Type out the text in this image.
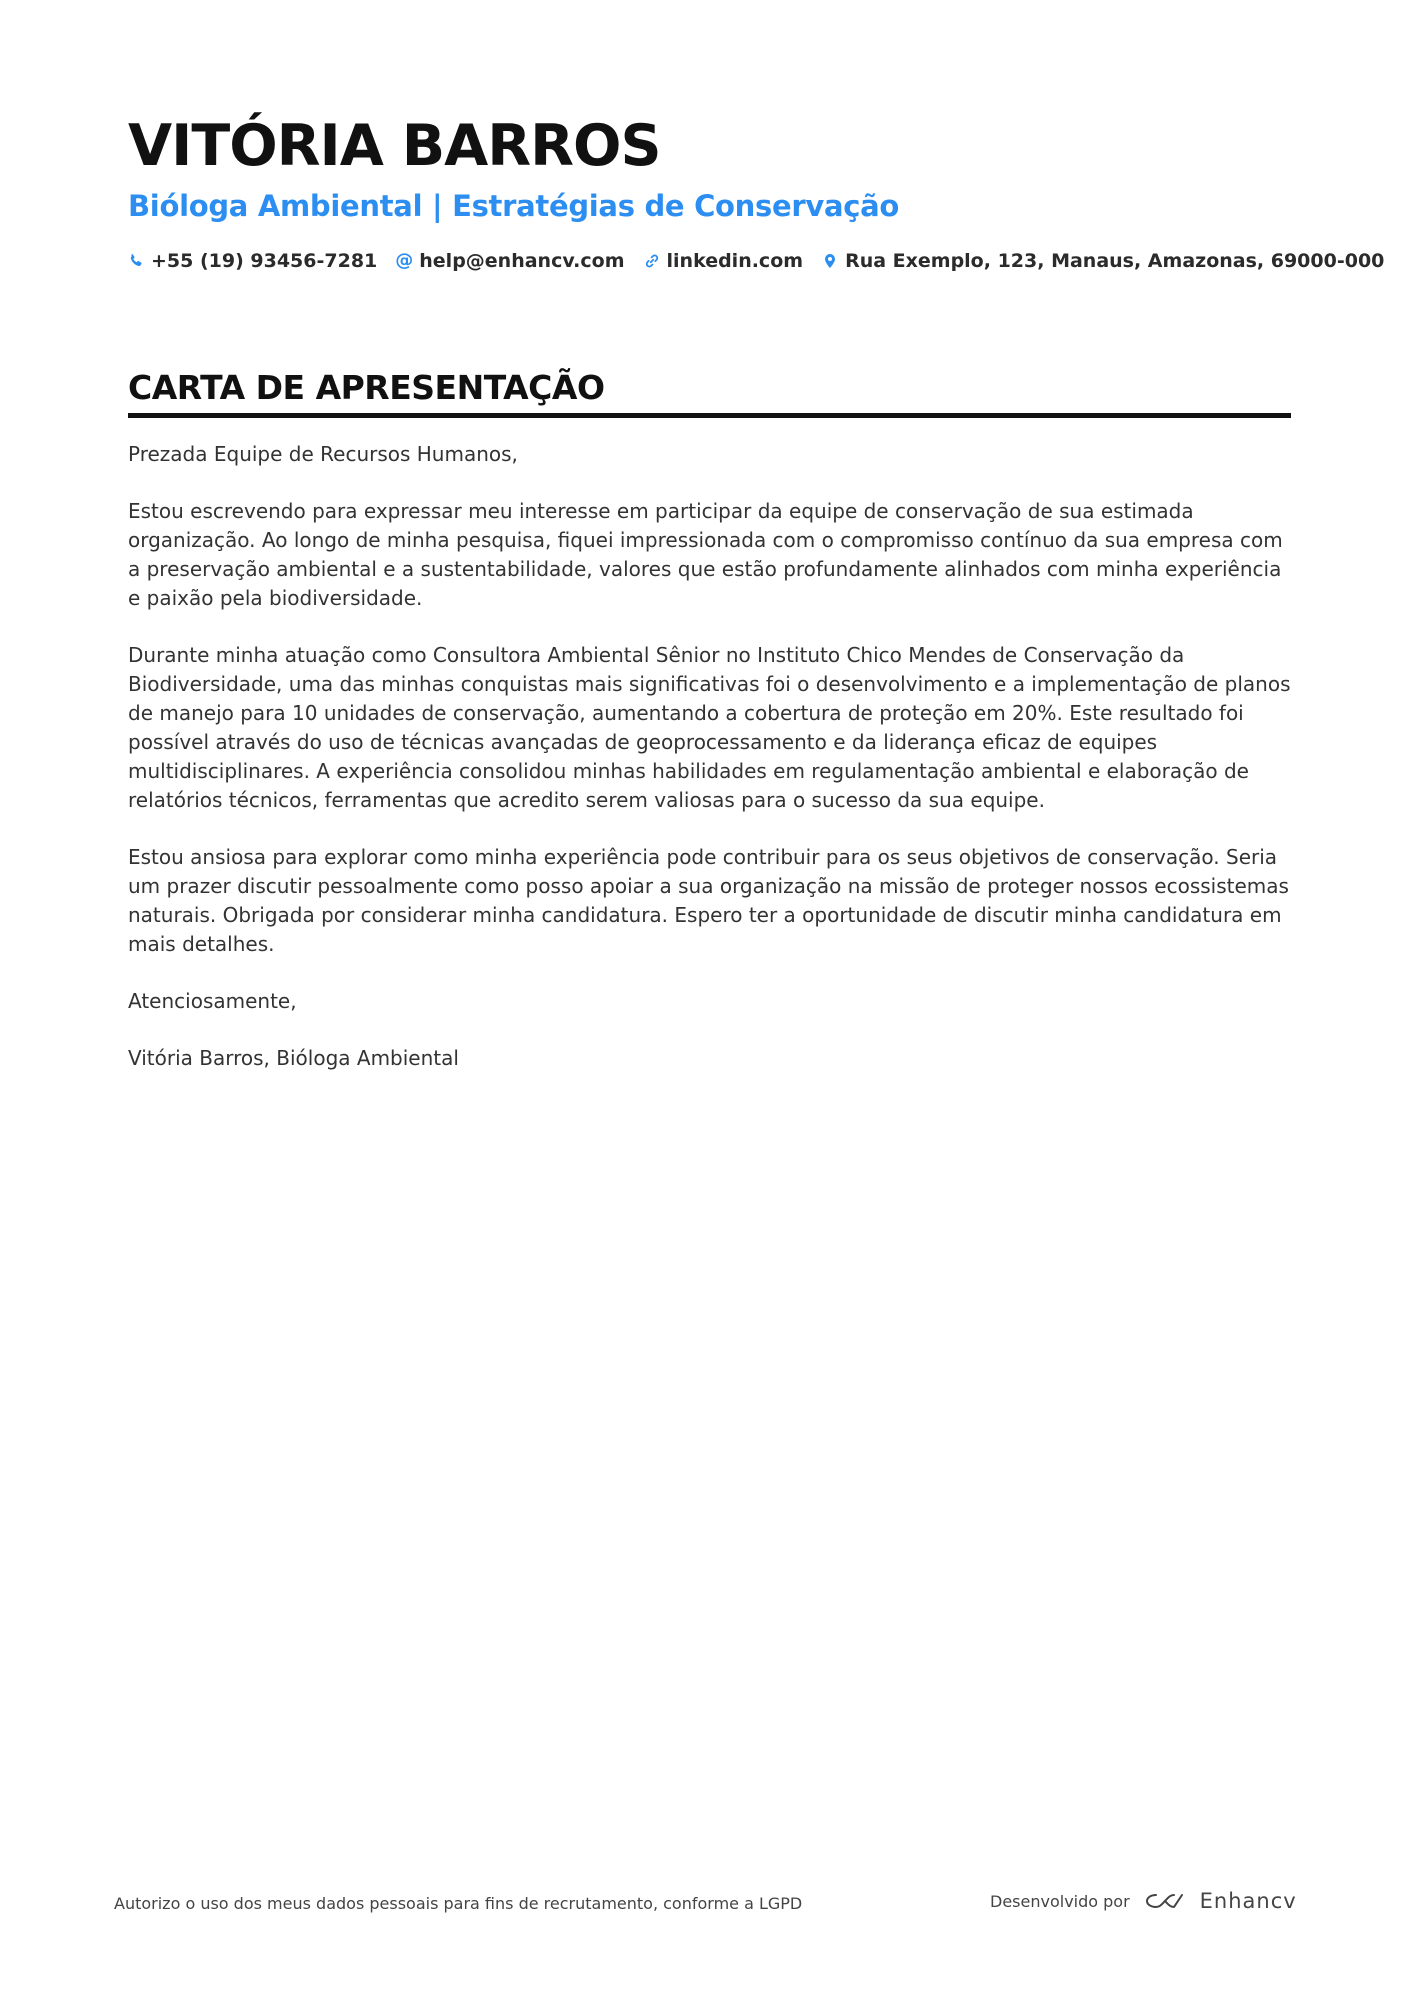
VITÓRIA BARROS
Bióloga Ambiental | Estratégias de Conservação
+55 (19) 93456-7281 @ help@enhancv.com linkedin.com Rua Exemplo, 123, Manaus, Amazonas, 69000-000
CARTA DE APRESENTAÇÃO

Prezada Equipe de Recursos Humanos,

Estou escrevendo para expressar meu interesse em participar da equipe de conservação de sua estimada organização. Ao longo de minha pesquisa, fiquei impressionada com o compromisso contínuo da sua empresa com a preservação ambiental e a sustentabilidade, valores que estão profundamente alinhados com minha experiência e paixão pela biodiversidade.

Durante minha atuação como Consultora Ambiental Sênior no Instituto Chico Mendes de Conservação da Biodiversidade, uma das minhas conquistas mais significativas foi o desenvolvimento e a implementação de planos de manejo para 10 unidades de conservação, aumentando a cobertura de proteção em 20%. Este resultado foi possível através do uso de técnicas avançadas de geoprocessamento e da liderança eficaz de equipes multidisciplinares. A experiência consolidou minhas habilidades em regulamentação ambiental e elaboração de relatórios técnicos, ferramentas que acredito serem valiosas para o sucesso da sua equipe.

Estou ansiosa para explorar como minha experiência pode contribuir para os seus objetivos de conservação. Seria um prazer discutir pessoalmente como posso apoiar a sua organização na missão de proteger nossos ecossistemas naturais. Obrigada por considerar minha candidatura. Espero ter a oportunidade de discutir minha candidatura em mais detalhes.

Atenciosamente,

Vitória Barros, Bióloga Ambiental

Autorizo o uso dos meus dados pessoais para fins de recrutamento, conforme a LGPD	Desenvolvido por	Enhancv
